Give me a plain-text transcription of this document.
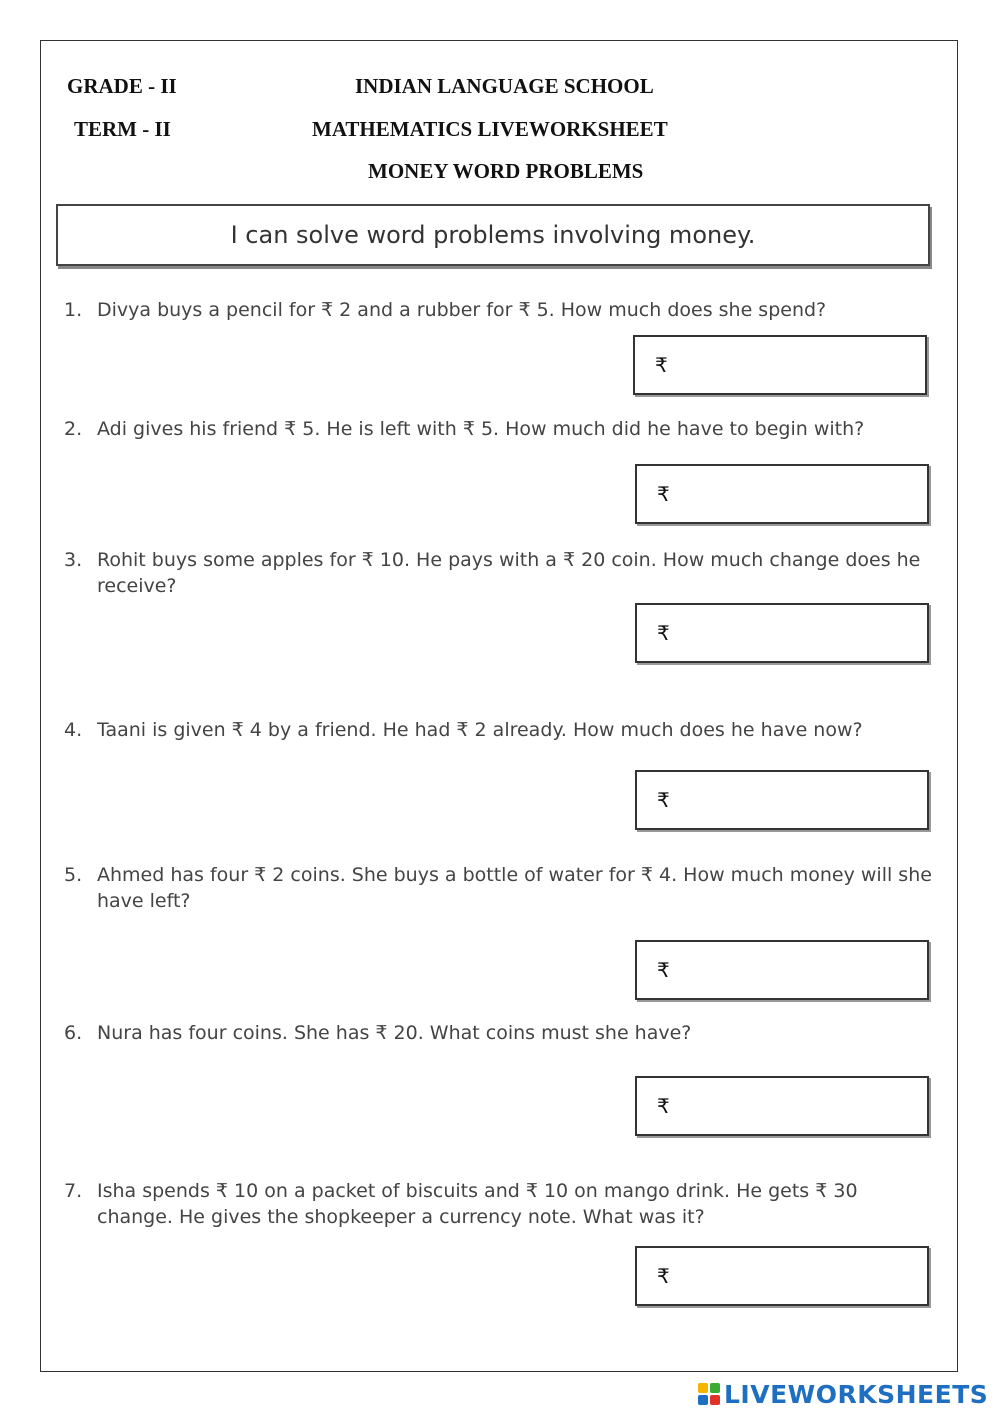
GRADE - II	INDIAN LANGUAGE SCHOOL
TERM - II	MATHEMATICS LIVEWORKSHEET
MONEY WORD PROBLEMS
I can solve word problems involving money.
1. Divya buys a pencil for ₹ 2 and a rubber for ₹ 5. How much does she spend?
₹
2. Adi gives his friend ₹ 5. He is left with ₹ 5. How much did he have to begin with?
₹
3. Rohit buys some apples for ₹ 10. He pays with a ₹ 20 coin. How much change does he receive?
₹
4. Taani is given ₹ 4 by a friend. He had ₹ 2 already. How much does he have now?
₹
5. Ahmed has four ₹ 2 coins. She buys a bottle of water for ₹ 4. How much money will she have left?
₹
6. Nura has four coins. She has ₹ 20. What coins must she have?
₹
7. Isha spends ₹ 10 on a packet of biscuits and ₹ 10 on mango drink. He gets ₹ 30 change. He gives the shopkeeper a currency note. What was it?
₹
LIVEWORKSHEETS
